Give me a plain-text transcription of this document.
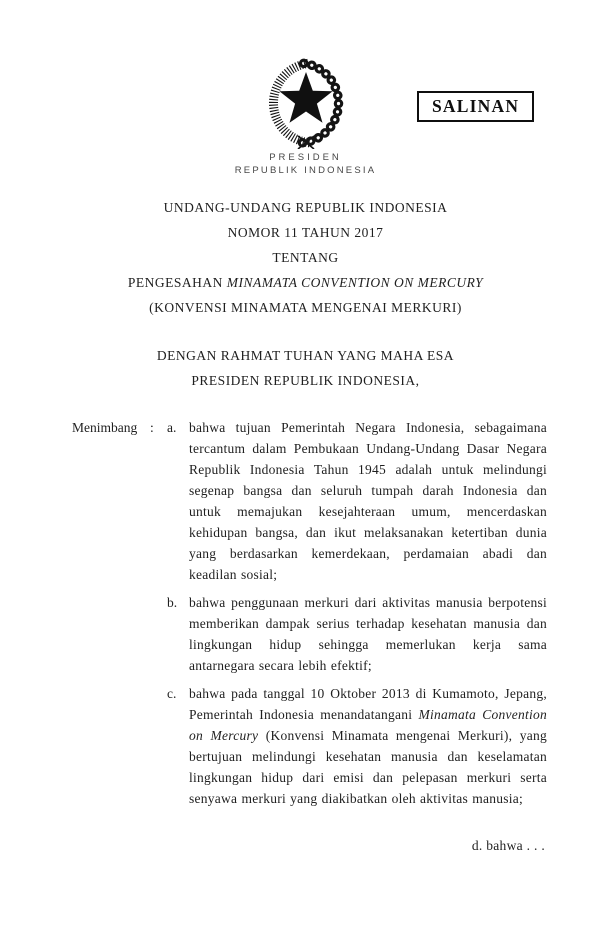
SALINAN
PRESIDEN
REPUBLIK INDONESIA
UNDANG-UNDANG REPUBLIK INDONESIA
NOMOR 11 TAHUN 2017
TENTANG
PENGESAHAN MINAMATA CONVENTION ON MERCURY
(KONVENSI MINAMATA MENGENAI MERKURI)
DENGAN RAHMAT TUHAN YANG MAHA ESA
PRESIDEN REPUBLIK INDONESIA,
Menimbang : a. bahwa tujuan Pemerintah Negara Indonesia, sebagaimana tercantum dalam Pembukaan Undang-Undang Dasar Negara Republik Indonesia Tahun 1945 adalah untuk melindungi segenap bangsa dan seluruh tumpah darah Indonesia dan untuk memajukan kesejahteraan umum, mencerdaskan kehidupan bangsa, dan ikut melaksanakan ketertiban dunia yang berdasarkan kemerdekaan, perdamaian abadi dan keadilan sosial;
b. bahwa penggunaan merkuri dari aktivitas manusia berpotensi memberikan dampak serius terhadap kesehatan manusia dan lingkungan hidup sehingga memerlukan kerja sama antarnegara secara lebih efektif;
c. bahwa pada tanggal 10 Oktober 2013 di Kumamoto, Jepang, Pemerintah Indonesia menandatangani Minamata Convention on Mercury (Konvensi Minamata mengenai Merkuri), yang bertujuan melindungi kesehatan manusia dan keselamatan lingkungan hidup dari emisi dan pelepasan merkuri serta senyawa merkuri yang diakibatkan oleh aktivitas manusia;
d. bahwa . . .
